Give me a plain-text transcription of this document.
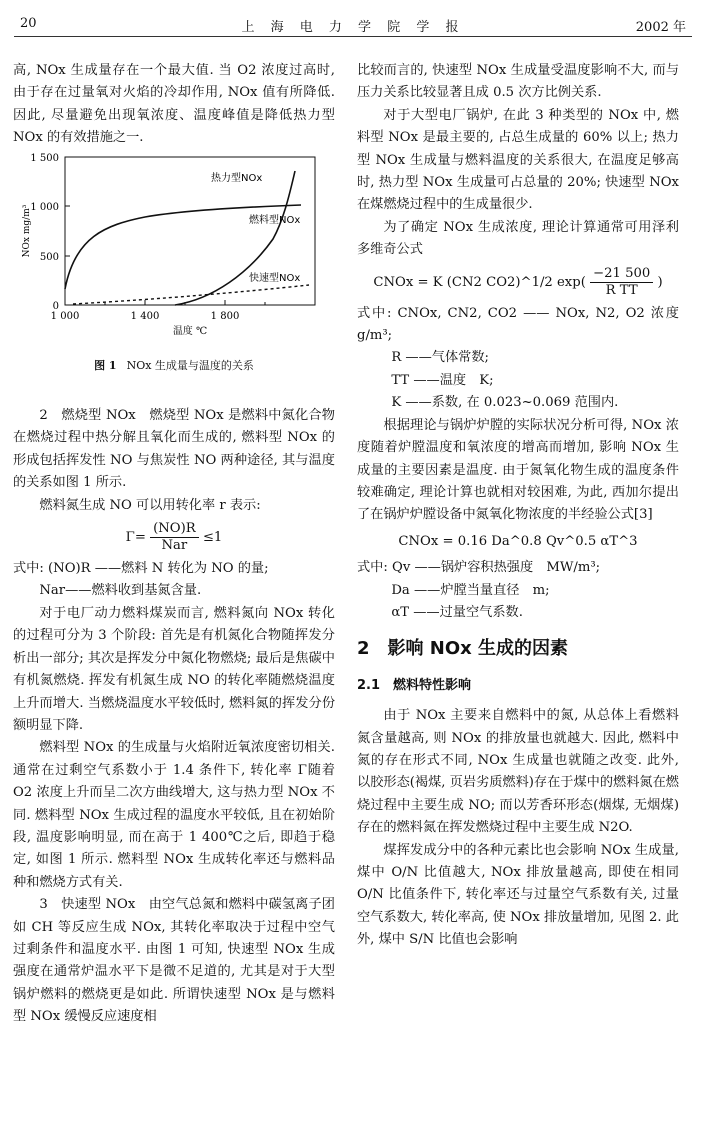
20	上 海 电 力 学 院 学 报	2002 年

高, NOx 生成量存在一个最大值. 当 O2 浓度过高时, 由于存在过量氧对火焰的冷却作用, NOx 值有所降低. 因此, 尽量避免出现氧浓度、温度峰值是降低热力型 NOx 的有效措施之一.

1 500
1 000
500
0
1 000	1 400	1 800
温度 ℃
NOx mg/m³
热力型NOx
燃料型NOx
快速型NOx
图 1 NOx 生成量与温度的关系

2　燃烧型 NOx　燃烧型 NOx 是燃料中氮化合物在燃烧过程中热分解且氧化而生成的, 燃料型 NOx 的形成包括挥发性 NO 与焦炭性 NO 两种途径, 其与温度的关系如图 1 所示.

燃料氮生成 NO 可以用转化率 r 表示:

$\Gamma= \frac{(NO)R}{\text{Nar}} \le 1$

式中: (NO)R ——燃料 N 转化为 NO 的量;

Nar——燃料收到基氮含量.

对于电厂动力燃料煤炭而言, 燃料氮向 NOx 转化的过程可分为 3 个阶段: 首先是有机氮化合物随挥发分析出一部分; 其次是挥发分中氮化物燃烧; 最后是焦碳中有机氮燃烧. 挥发有机氮生成 NO 的转化率随燃烧温度上升而增大. 当燃烧温度水平较低时, 燃料氮的挥发分份额明显下降.

燃料型 NOx 的生成量与火焰附近氧浓度密切相关. 通常在过剩空气系数小于 1.4 条件下, 转化率 Γ随着 O2 浓度上升而呈二次方曲线增大, 这与热力型 NOx 不同. 燃料型 NOx 生成过程的温度水平较低, 且在初始阶段, 温度影响明显, 而在高于 1 400℃之后, 即趋于稳定, 如图 1 所示. 燃料型 NOx 生成转化率还与燃料品种和燃烧方式有关.

3　快速型 NOx　由空气总氮和燃料中碳氢离子团如 CH 等反应生成 NOx, 其转化率取决于过程中空气过剩条件和温度水平. 由图 1 可知, 快速型 NOx 生成强度在通常炉温水平下是微不足道的, 尤其是对于大型锅炉燃料的燃烧更是如此. 所谓快速型 NOx 是与燃料型 NOx 缓慢反应速度相

比较而言的, 快速型 NOx 生成量受温度影响不大, 而与压力关系比较显著且成 0.5 次方比例关系.

对于大型电厂锅炉, 在此 3 种类型的 NOx 中, 燃料型 NOx 是最主要的, 占总生成量的 60% 以上; 热力型 NOx 生成量与燃料温度的关系很大, 在温度足够高时, 热力型 NOx 生成量可占总量的 20%; 快速型 NOx 在煤燃烧过程中的生成量很少.

为了确定 NOx 生成浓度, 理论计算通常可用泽利多维奇公式

CNOx = K (CN2 CO2)^1/2 $\exp( \frac{-21 500}{\text{R TT}}$ )

式中: CNOx, CN2, CO2 —— NOx, N2, O2 浓度　g/m³;

R ——气体常数;

TT ——温度　K;

K ——系数, 在 0.023~0.069 范围内.

根据理论与锅炉炉膛的实际状况分析可得, NOx 浓度随着炉膛温度和氧浓度的增高而增加, 影响 NOx 生成量的主要因素是温度. 由于氮氧化物生成的温度条件较难确定, 理论计算也就相对较困难, 为此, 西加尔提出了在锅炉炉膛设备中氮氧化物浓度的半经验公式[3]

CNOx = 0.16 Da^0.8 Qv^0.5 αT^3

式中: Qv ——锅炉容积热强度　MW/m³;

Da ——炉膛当量直径　m;

αT ——过量空气系数.

2　影响 NOx 生成的因素
2.1　燃料特性影响

由于 NOx 主要来自燃料中的氮, 从总体上看燃料氮含量越高, 则 NOx 的排放量也就越大. 因此, 燃料中氮的存在形式不同, NOx 生成量也就随之改变. 此外, 以胶形态(褐煤, 页岩劣质燃料)存在于煤中的燃料氮在燃烧过程中主要生成 NO; 而以芳香环形态(烟煤, 无烟煤)存在的燃料氮在挥发燃烧过程中主要生成 N2O.

煤挥发成分中的各种元素比也会影响 NOx 生成量, 煤中 O/N 比值越大, NOx 排放量越高, 即使在相同 O/N 比值条件下, 转化率还与过量空气系数有关, 过量空气系数大, 转化率高, 使 NOx 排放量增加, 见图 2. 此外, 煤中 S/N 比值也会影响
